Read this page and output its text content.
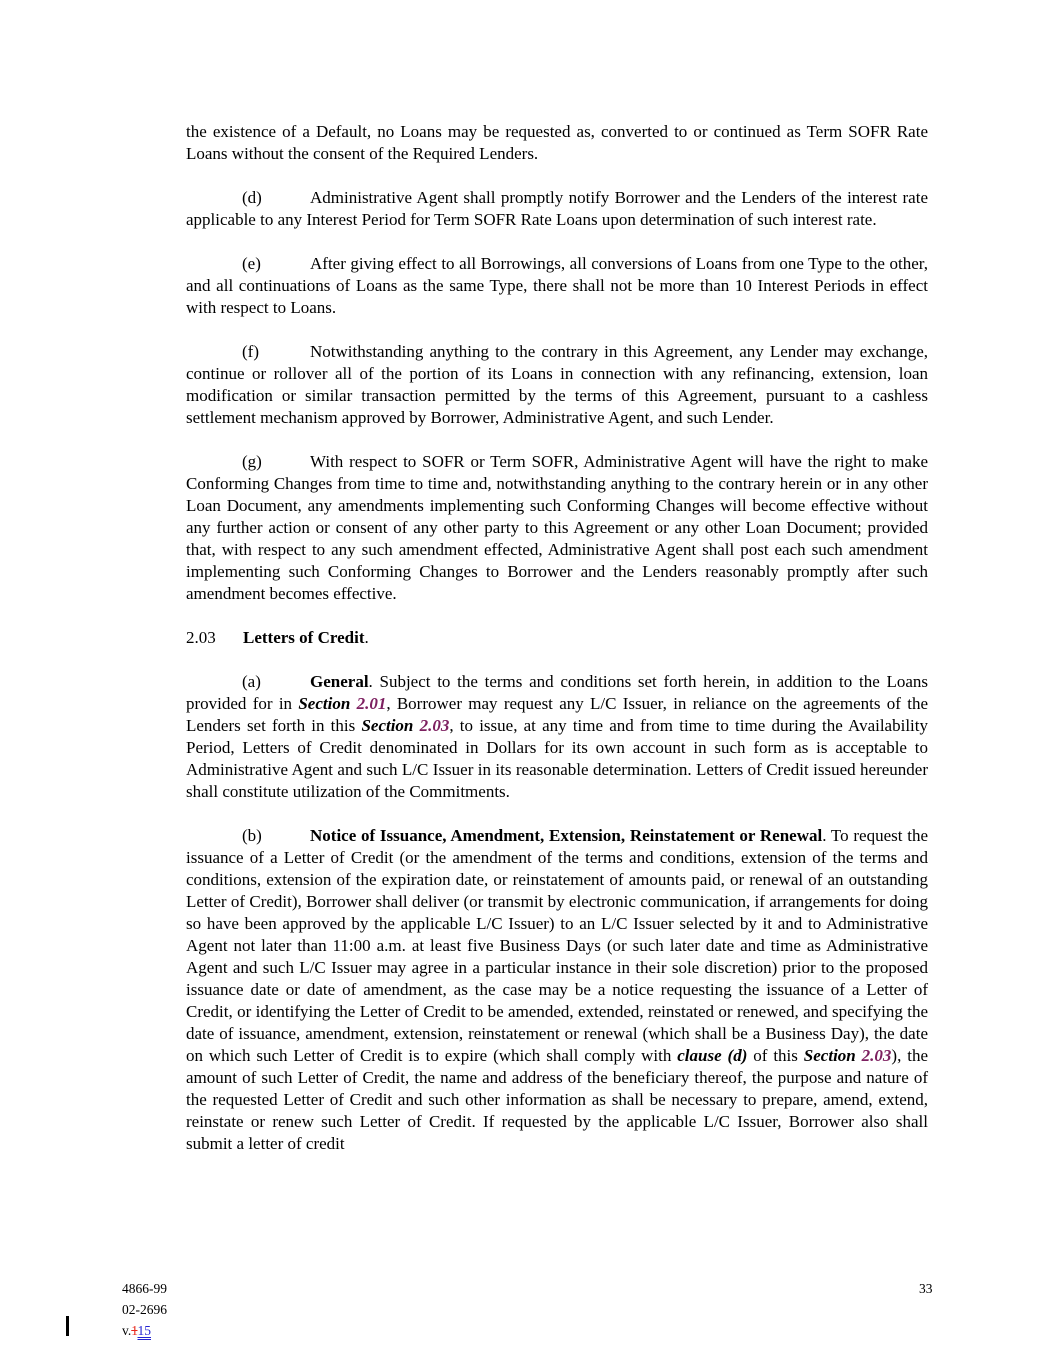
the existence of a Default, no Loans may be requested as, converted to or continued as Term SOFR Rate Loans without the consent of the Required Lenders.

(d)	Administrative Agent shall promptly notify Borrower and the Lenders of the interest rate applicable to any Interest Period for Term SOFR Rate Loans upon determination of such interest rate.

(e)	After giving effect to all Borrowings, all conversions of Loans from one Type to the other, and all continuations of Loans as the same Type, there shall not be more than 10 Interest Periods in effect with respect to Loans.

(f)	Notwithstanding anything to the contrary in this Agreement, any Lender may exchange, continue or rollover all of the portion of its Loans in connection with any refinancing, extension, loan modification or similar transaction permitted by the terms of this Agreement, pursuant to a cashless settlement mechanism approved by Borrower, Administrative Agent, and such Lender.

(g)	With respect to SOFR or Term SOFR, Administrative Agent will have the right to make Conforming Changes from time to time and, notwithstanding anything to the contrary herein or in any other Loan Document, any amendments implementing such Conforming Changes will become effective without any further action or consent of any other party to this Agreement or any other Loan Document; provided that, with respect to any such amendment effected, Administrative Agent shall post each such amendment implementing such Conforming Changes to Borrower and the Lenders reasonably promptly after such amendment becomes effective.

2.03 Letters of Credit.

(a)	General. Subject to the terms and conditions set forth herein, in addition to the Loans provided for in Section 2.01, Borrower may request any L/C Issuer, in reliance on the agreements of the Lenders set forth in this Section 2.03, to issue, at any time and from time to time during the Availability Period, Letters of Credit denominated in Dollars for its own account in such form as is acceptable to Administrative Agent and such L/C Issuer in its reasonable determination. Letters of Credit issued hereunder shall constitute utilization of the Commitments.

(b)	Notice of Issuance, Amendment, Extension, Reinstatement or Renewal. To request the issuance of a Letter of Credit (or the amendment of the terms and conditions, extension of the terms and conditions, extension of the expiration date, or reinstatement of amounts paid, or renewal of an outstanding Letter of Credit), Borrower shall deliver (or transmit by electronic communication, if arrangements for doing so have been approved by the applicable L/C Issuer) to an L/C Issuer selected by it and to Administrative Agent not later than 11:00 a.m. at least five Business Days (or such later date and time as Administrative Agent and such L/C Issuer may agree in a particular instance in their sole discretion) prior to the proposed issuance date or date of amendment, as the case may be a notice requesting the issuance of a Letter of Credit, or identifying the Letter of Credit to be amended, extended, reinstated or renewed, and specifying the date of issuance, amendment, extension, reinstatement or renewal (which shall be a Business Day), the date on which such Letter of Credit is to expire (which shall comply with clause (d) of this Section 2.03), the amount of such Letter of Credit, the name and address of the beneficiary thereof, the purpose and nature of the requested Letter of Credit and such other information as shall be necessary to prepare, amend, extend, reinstate or renew such Letter of Credit. If requested by the applicable L/C Issuer, Borrower also shall submit a letter of credit

4866-99
02-2696
v.115
33
